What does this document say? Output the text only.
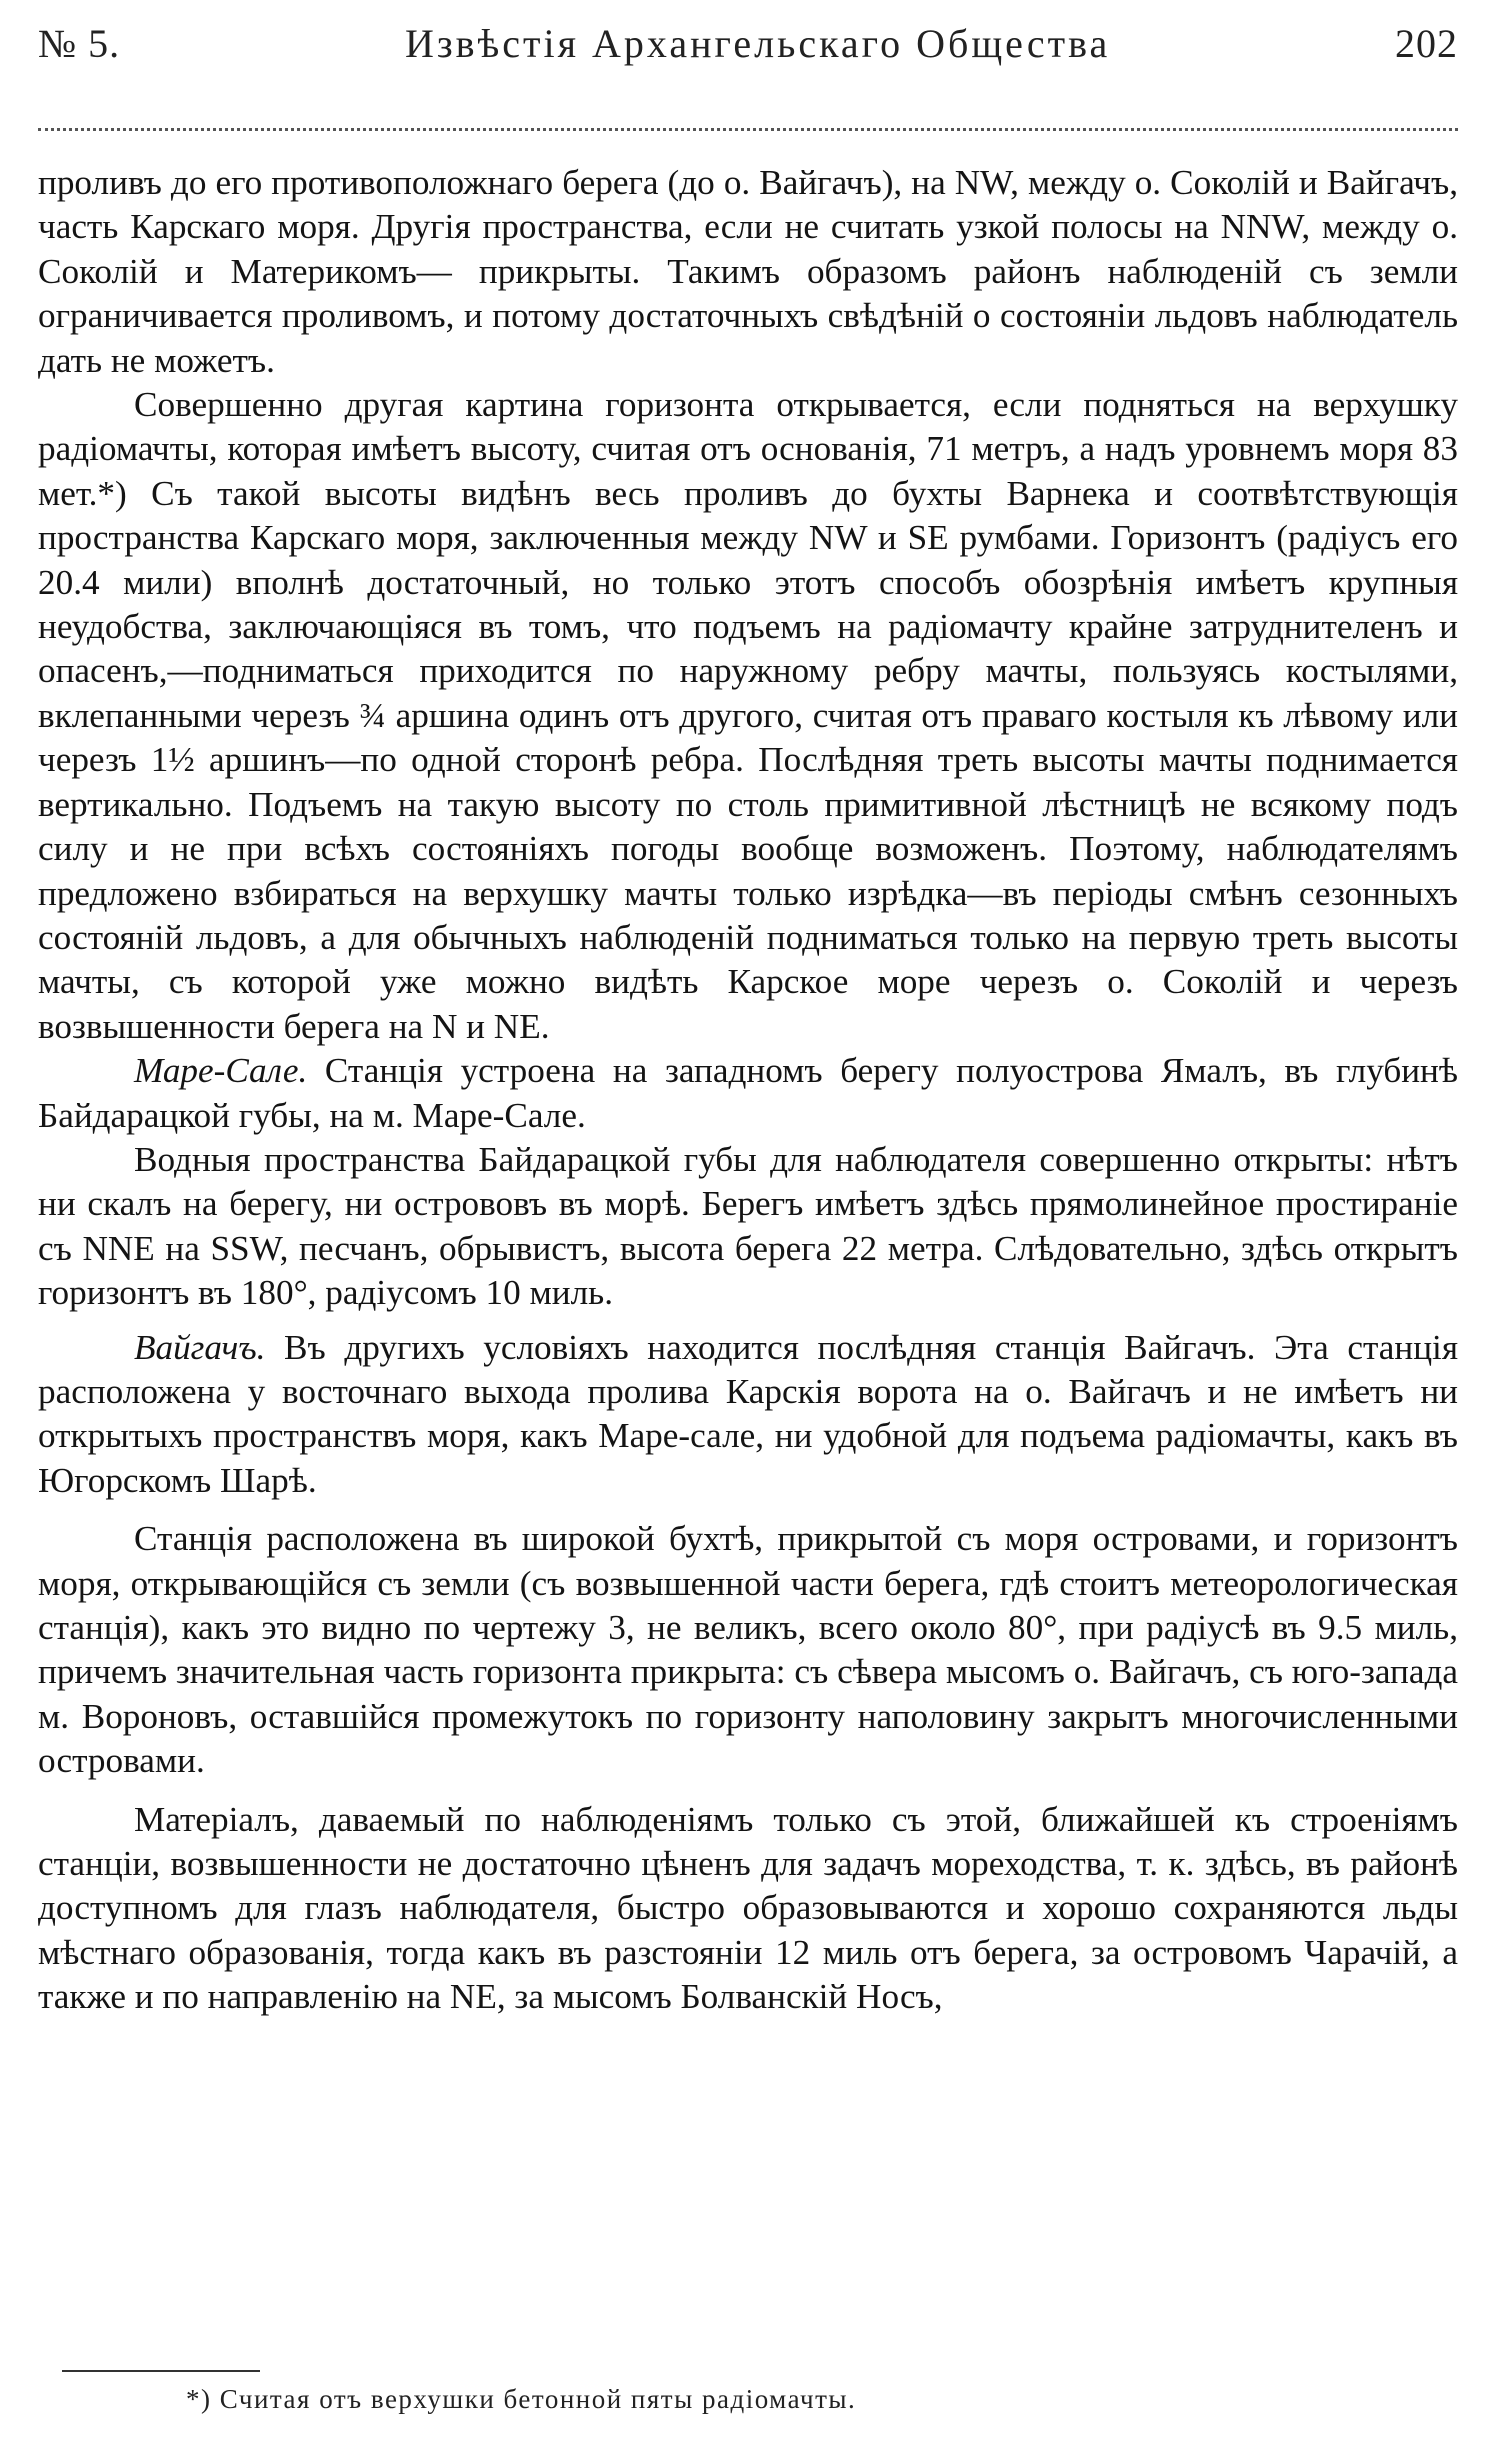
№ 5.	Извѣстія Архангельскаго Общества	202

проливъ до его противоположнаго берега (до о. Вайгачъ), на NW, между о. Соколій и Вайгачъ, часть Карскаго моря. Другія пространства, если не считать узкой полосы на NNW, между о. Соколій и Материкомъ— прикрыты. Такимъ образомъ районъ наблюденій съ земли ограничивается проливомъ, и потому достаточныхъ свѣдѣній о состояніи льдовъ наблюдатель дать не можетъ.

Совершенно другая картина горизонта открывается, если подняться на верхушку радіомачты, которая имѣетъ высоту, считая отъ основанія, 71 метръ, а надъ уровнемъ моря 83 мет.*) Съ такой высоты видѣнъ весь проливъ до бухты Варнека и соотвѣтствующія пространства Карскаго моря, заключенныя между NW и SE румбами. Горизонтъ (радіусъ его 20.4 мили) вполнѣ достаточный, но только этотъ способъ обозрѣнія имѣетъ крупныя неудобства, заключающіяся въ томъ, что подъемъ на радіомачту крайне затруднителенъ и опасенъ,—подниматься приходится по наружному ребру мачты, пользуясь костылями, вклепанными черезъ ¾ аршина одинъ отъ другого, считая отъ праваго костыля къ лѣвому или черезъ 1½ аршинъ—по одной сторонѣ ребра. Послѣдняя треть высоты мачты поднимается вертикально. Подъемъ на такую высоту по столь примитивной лѣстницѣ не всякому подъ силу и не при всѣхъ состояніяхъ погоды вообще возможенъ. Поэтому, наблюдателямъ предложено взбираться на верхушку мачты только изрѣдка—въ періоды смѣнъ сезонныхъ состояній льдовъ, а для обычныхъ наблюденій подниматься только на первую треть высоты мачты, съ которой уже можно видѣть Карское море черезъ о. Соколій и черезъ возвышенности берега на N и NE.

Маре-Сале. Станція устроена на западномъ берегу полуострова Ямалъ, въ глубинѣ Байдарацкой губы, на м. Маре-Сале.

Водныя пространства Байдарацкой губы для наблюдателя совершенно открыты: нѣтъ ни скалъ на берегу, ни острововъ въ морѣ. Берегъ имѣетъ здѣсь прямолинейное простираніе съ NNE на SSW, песчанъ, обрывистъ, высота берега 22 метра. Слѣдовательно, здѣсь открытъ горизонтъ въ 180°, радіусомъ 10 миль.

Вайгачъ. Въ другихъ условіяхъ находится послѣдняя станція Вайгачъ. Эта станція расположена у восточнаго выхода пролива Карскія ворота на о. Вайгачъ и не имѣетъ ни открытыхъ пространствъ моря, какъ Маре-сале, ни удобной для подъема радіомачты, какъ въ Югорскомъ Шарѣ.

Станція расположена въ широкой бухтѣ, прикрытой съ моря островами, и горизонтъ моря, открывающійся съ земли (съ возвышенной части берега, гдѣ стоитъ метеорологическая станція), какъ это видно по чертежу 3, не великъ, всего около 80°, при радіусѣ въ 9.5 миль, причемъ значительная часть горизонта прикрыта: съ сѣвера мысомъ о. Вайгачъ, съ юго-запада м. Вороновъ, оставшійся промежутокъ по горизонту наполовину закрытъ многочисленными островами.

Матеріалъ, даваемый по наблюденіямъ только съ этой, ближайшей къ строеніямъ станціи, возвышенности не достаточно цѣненъ для задачъ мореходства, т. к. здѣсь, въ районѣ доступномъ для глазъ наблюдателя, быстро образовываются и хорошо сохраняются льды мѣстнаго образованія, тогда какъ въ разстояніи 12 миль отъ берега, за островомъ Чарачій, а также и по направленію на NE, за мысомъ Болванскій Носъ,

*) Считая отъ верхушки бетонной пяты радіомачты.
